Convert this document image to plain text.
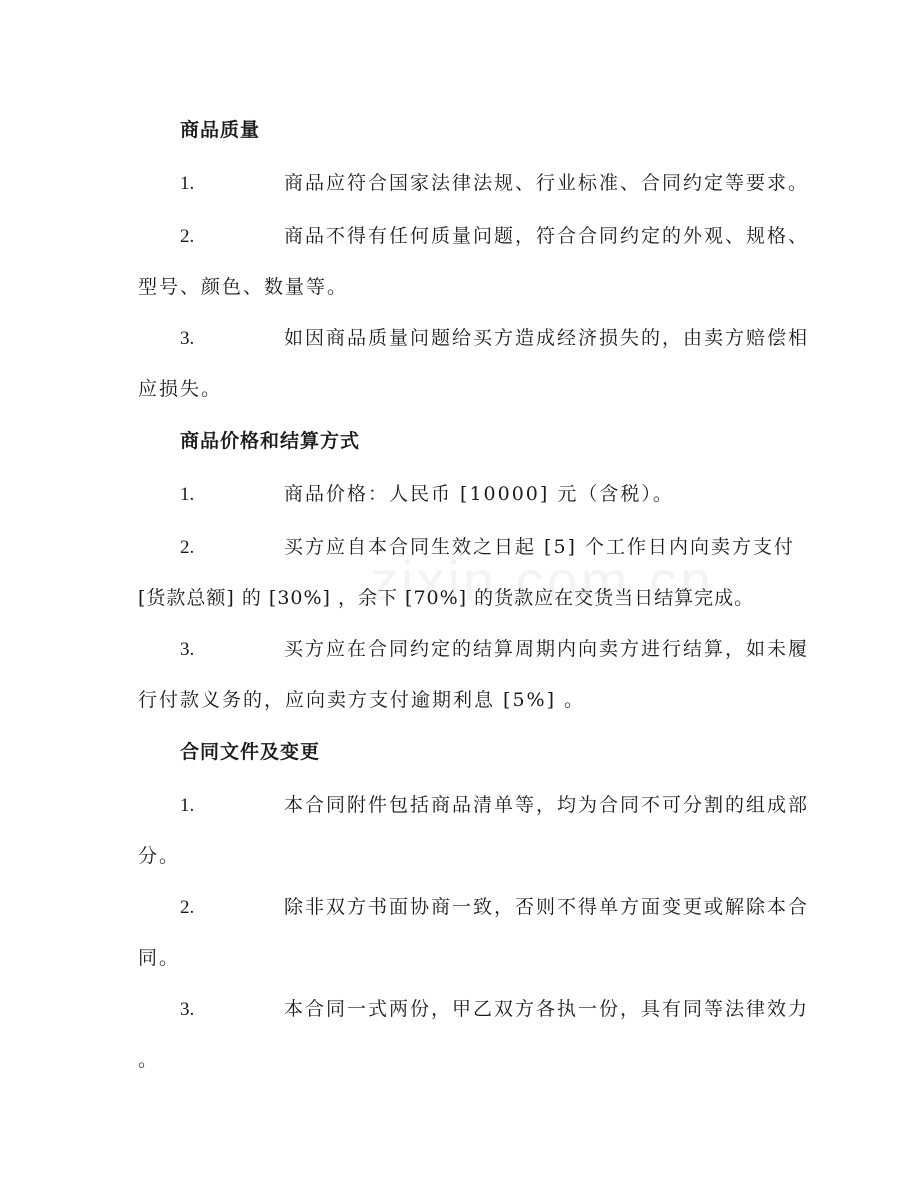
商品质量
1.	商品应符合国家法律法规、行业标准、合同约定等要求。
2.	商品不得有任何质量问题，符合合同约定的外观、规格、
型号、颜色、数量等。
3.	如因商品质量问题给买方造成经济损失的，由卖方赔偿相
应损失。
商品价格和结算方式
1.	商品价格：人民币 [10000] 元（含税）。
2.	买方应自本合同生效之日起 [5] 个工作日内向卖方支付
[货款总额] 的 [30%] ，余下 [70%] 的货款应在交货当日结算完成。
3.	买方应在合同约定的结算周期内向卖方进行结算，如未履
行付款义务的，应向卖方支付逾期利息 [5%] 。
合同文件及变更
1.	本合同附件包括商品清单等，均为合同不可分割的组成部
分。
2.	除非双方书面协商一致，否则不得单方面变更或解除本合
同。
3.	本合同一式两份，甲乙双方各执一份，具有同等法律效力
。
